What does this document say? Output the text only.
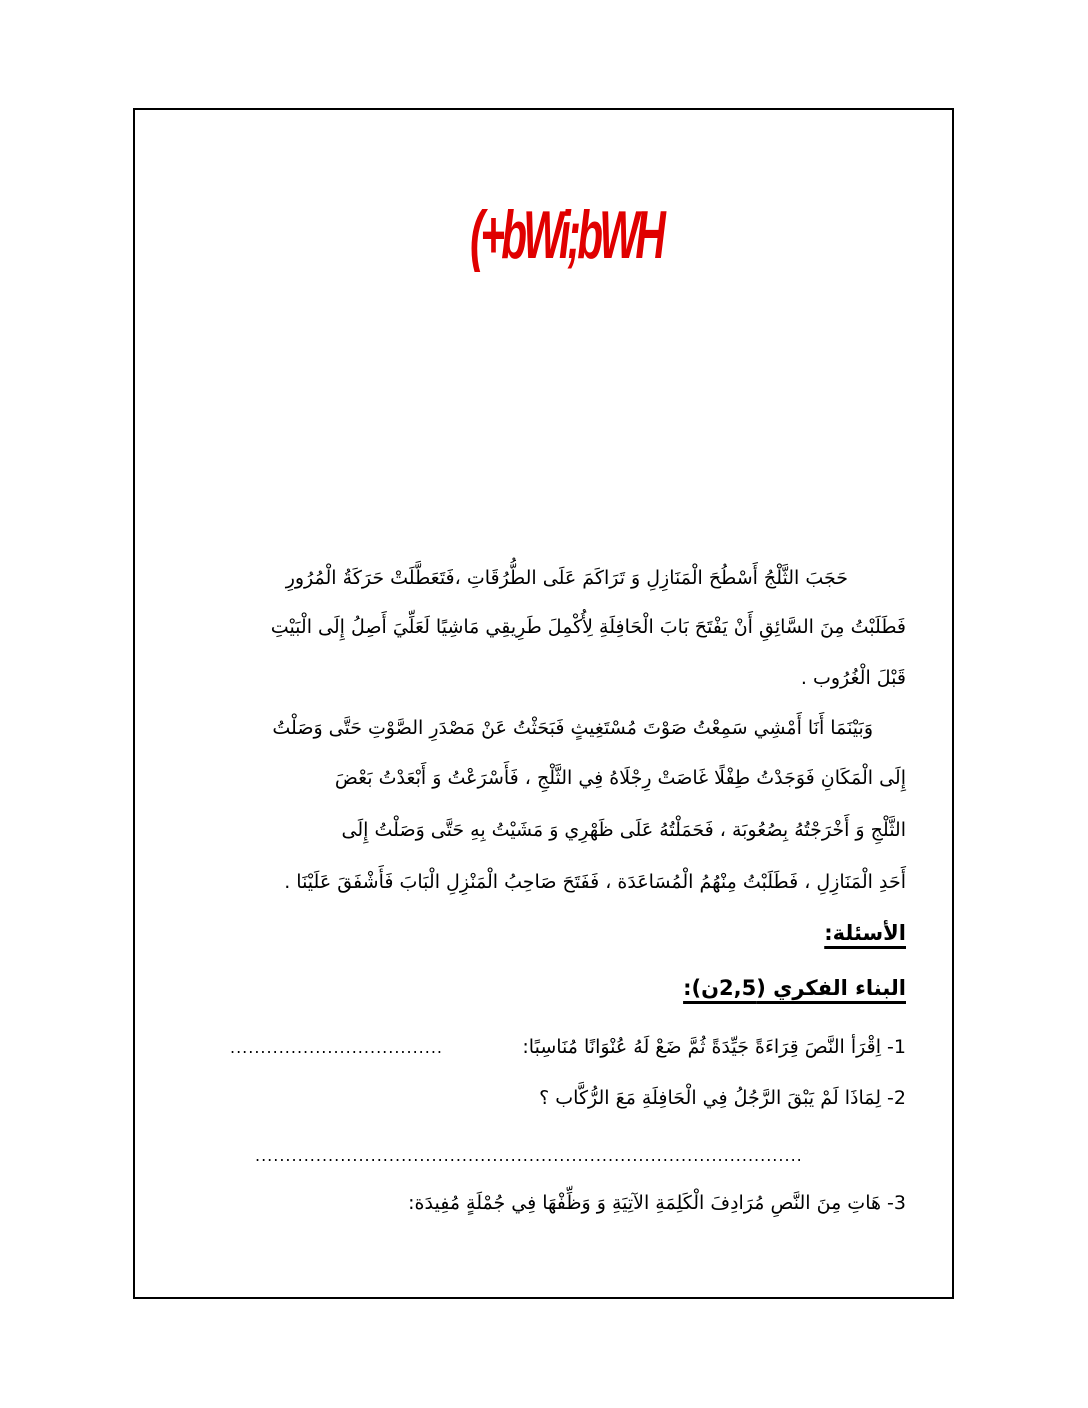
(+bWi;bWH
حَجَبَ الثَّلْجُ أَسْطُحَ الْمَنَازِلِ وَ تَرَاكَمَ عَلَى الطُّرُقَاتِ ،فَتَعَطَّلَتْ حَرَكَةُ الْمُرُورِ
فَطَلَبْتُ مِنَ السَّائِقِ أَنْ يَفْتَحَ بَابَ الْحَافِلَةِ لِأُكْمِلَ طَرِيقِي مَاشِيًا لَعَلِّيَ أَصِلُ إِلَى الْبَيْتِ
قَبْلَ الْغُرُوب .
وَبَيْنَمَا أَنَا أَمْشِي سَمِعْتُ صَوْتَ مُسْتَغِيثٍ فَبَحَثْتُ عَنْ مَصْدَرِ الصَّوْتِ حَتَّى وَصَلْتُ
إِلَى الْمَكَانِ فَوَجَدْتُ طِفْلًا غَاصَتْ رِجْلَاهُ فِي الثَّلْجِ ، فَأَسْرَعْتُ وَ أَبْعَدْتُ بَعْضَ
الثَّلْجِ وَ أَخْرَجْتُهُ بِصُعُوبَة ، فَحَمَلْتُهُ عَلَى ظَهْرِي وَ مَشَيْتُ بِهِ حَتَّى وَصَلْتُ إِلَى
أَحَدِ الْمَنَازِلِ ، فَطَلَبْتُ مِنْهُمُ الْمُسَاعَدَة ، فَفَتَحَ صَاحِبُ الْمَنْزِلِ الْبَابَ فَأَشْفَقَ عَلَيْنَا .
الأسئلة:
البناء الفكري (2,5ن):
1- اِقْرَأ النَّصَ قِرَاءَةً جَيِّدَةً ثُمَّ ضَعْ لَهُ عُنْوَانًا مُنَاسِبًا:
...................................
2- لِمَاذَا لَمْ يَبْقَ الرَّجُلُ فِي الْحَافِلَةِ مَعَ الرُّكَّاب ؟
..........................................................................................
3- هَاتِ مِنَ النَّصِ مُرَادِفَ الْكَلِمَةِ الآتِيَةِ وَ وَظِّفْهَا فِي جُمْلَةٍ مُفِيدَة:
